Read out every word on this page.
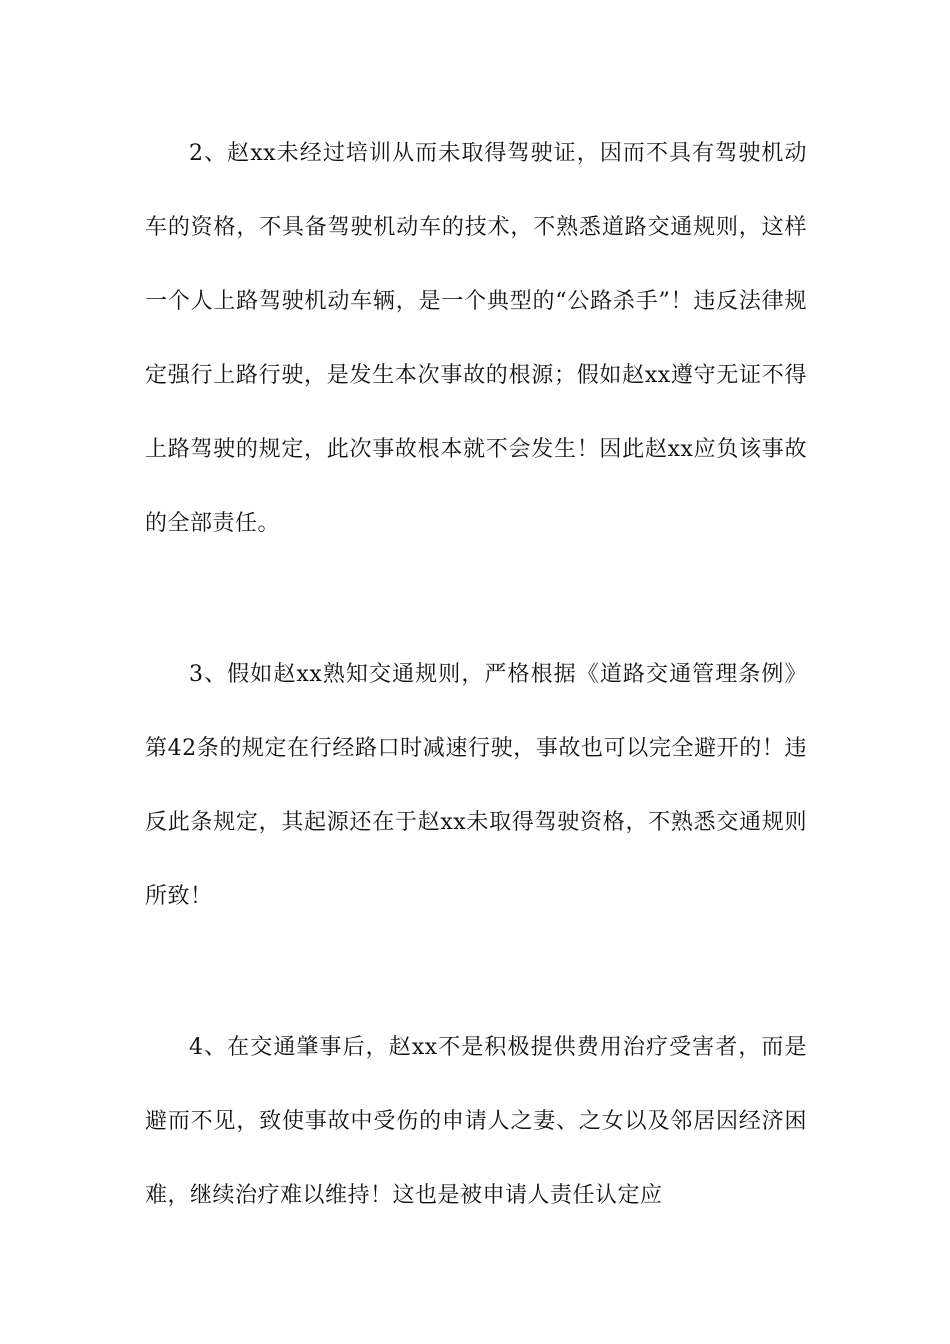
2、赵xx未经过培训从而未取得驾驶证，因而不具有驾驶机动车的资格，不具备驾驶机动车的技术，不熟悉道路交通规则，这样一个人上路驾驶机动车辆，是一个典型的“公路杀手”！违反法律规定强行上路行驶，是发生本次事故的根源；假如赵xx遵守无证不得上路驾驶的规定，此次事故根本就不会发生！因此赵xx应负该事故的全部责任。

3、假如赵xx熟知交通规则，严格根据《道路交通管理条例》第42条的规定在行经路口时减速行驶，事故也可以完全避开的！违反此条规定，其起源还在于赵xx未取得驾驶资格，不熟悉交通规则所致！

4、在交通肇事后，赵xx不是积极提供费用治疗受害者，而是避而不见，致使事故中受伤的申请人之妻、之女以及邻居因经济困难，继续治疗难以维持！这也是被申请人责任认定应
